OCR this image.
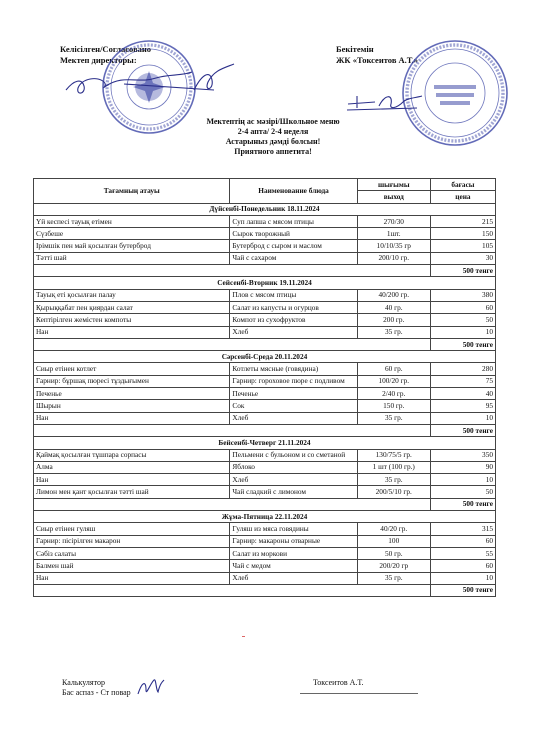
Келісілген/Согласовано
Мектеп директоры:
Бекітемін
ЖК «Токсеитов А.Т.»
Мектептің ас мәзірі/Школьное меню
2-4 апта/ 2-4 неделя
Астарыныз дәмді болсын!
Приятного аппетита!
Тағамның атауы	Наименование блюда	шығымы	бағасы
		выход	цена
Дүйсенбі-Понедельник 18.11.2024			
Үй кеспесі тауық етімен	Суп лапша с мясом птицы	270/30	215
Сүзбеше	Сырок творожный	1шт.	150
Ірімшік пен май қосылған бутерброд	Бутерброд с сыром и маслом	10/10/35 гр	105
Тәтті шай	Чай с сахаром	200/10 гр.	30
			500 тенге
Сейсенбі-Вторник 19.11.2024			
Тауық еті қосылған палау	Плов с мясом птицы	40/200 гр.	380
Қырыққабат пен қиярдан салат	Салат из капусты и огурцов	40 гр.	60
Кептірілген жемістен компоты	Компот из сухофруктов	200 гр.	50
Нан	Хлеб	35 гр.	10
			500 тенге
Сәрсенбі-Среда 20.11.2024			
Сиыр етінен котлет	Котлеты мясные (говядина)	60 гр.	280
Гарнир: бұршақ пюресі тұздығымен	Гарнир: гороховое пюре с подливом	100/20 гр.	75
Печенье	Печенье	2/40 гр.	40
Шырын	Сок	150 гр.	95
Нан	Хлеб	35 гр.	10
			500 тенге
Бейсенбі-Четверг 21.11.2024			
Қаймақ қосылған тұшпара сорпасы	Пельмени с бульоном и со сметаной	130/75/5 гр.	350
Алма	Яблоко	1 шт (100 гр.)	90
Нан	Хлеб	35 гр.	10
Лимон мен қант қосылған тәтті шай	Чай сладкий с лимоном	200/5/10 гр.	50
			500 тенге
Жұма-Пятница 22.11.2024			
Сиыр етінен гуляш	Гуляш из мяса говядины	40/20 гр.	315
Гарнир: пісірілген макарон	Гарнир: макароны отварные	100	60
Сәбіз салаты	Салат из моркови	50 гр.	55
Балмен шай	Чай с медом	200/20 гр	60
Нан	Хлеб	35 гр.	10
			500 тенге
Калькулятор
Бас аспаз - Ст повар
Токсеитов А.Т.
